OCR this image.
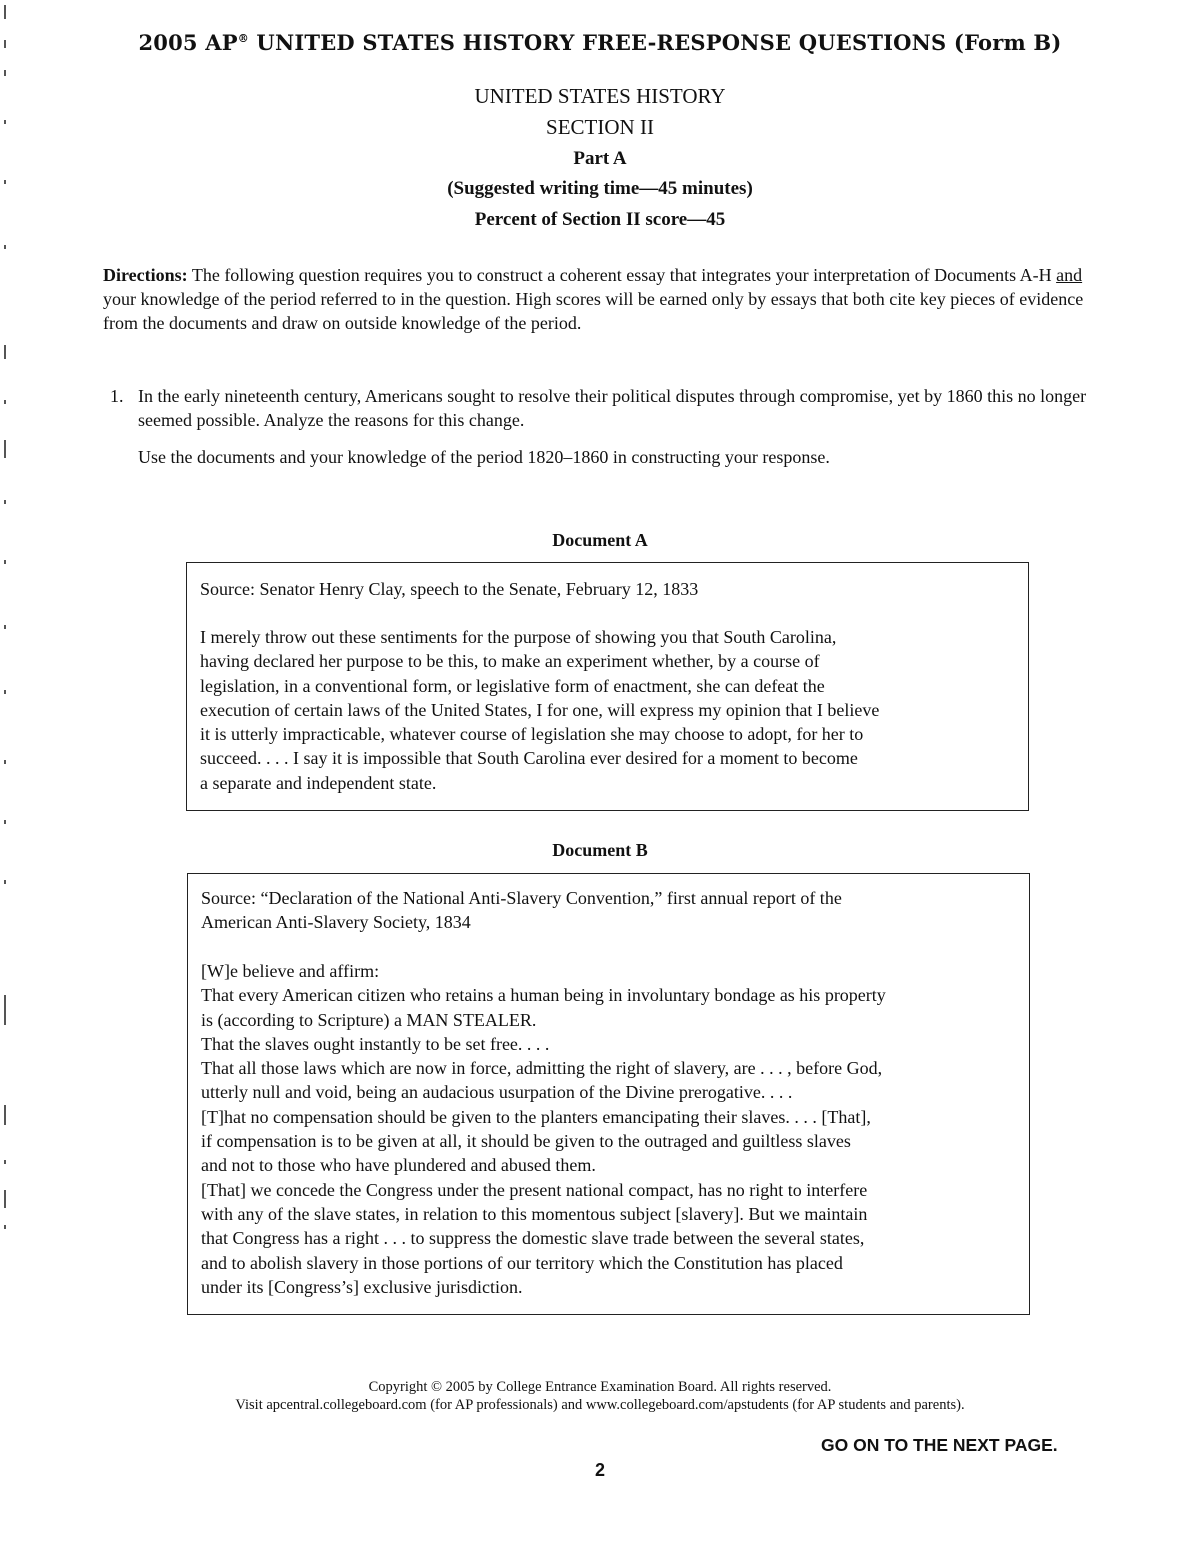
2005 AP® UNITED STATES HISTORY FREE-RESPONSE QUESTIONS (Form B)
UNITED STATES HISTORY
SECTION II
Part A
(Suggested writing time—45 minutes)
Percent of Section II score—45
Directions: The following question requires you to construct a coherent essay that integrates your interpretation of Documents A-H and your knowledge of the period referred to in the question. High scores will be earned only by essays that both cite key pieces of evidence from the documents and draw on outside knowledge of the period.
1. In the early nineteenth century, Americans sought to resolve their political disputes through compromise, yet by 1860 this no longer seemed possible. Analyze the reasons for this change.
Use the documents and your knowledge of the period 1820–1860 in constructing your response.
Document A
Source: Senator Henry Clay, speech to the Senate, February 12, 1833
I merely throw out these sentiments for the purpose of showing you that South Carolina,
having declared her purpose to be this, to make an experiment whether, by a course of
legislation, in a conventional form, or legislative form of enactment, she can defeat the
execution of certain laws of the United States, I for one, will express my opinion that I believe
it is utterly impracticable, whatever course of legislation she may choose to adopt, for her to
succeed. . . . I say it is impossible that South Carolina ever desired for a moment to become
a separate and independent state.
Document B
Source: “Declaration of the National Anti-Slavery Convention,” first annual report of the
American Anti-Slavery Society, 1834
[W]e believe and affirm:
That every American citizen who retains a human being in involuntary bondage as his property
is (according to Scripture) a MAN STEALER.
That the slaves ought instantly to be set free. . . .
That all those laws which are now in force, admitting the right of slavery, are . . . , before God,
utterly null and void, being an audacious usurpation of the Divine prerogative. . . .
[T]hat no compensation should be given to the planters emancipating their slaves. . . . [That],
if compensation is to be given at all, it should be given to the outraged and guiltless slaves
and not to those who have plundered and abused them.
[That] we concede the Congress under the present national compact, has no right to interfere
with any of the slave states, in relation to this momentous subject [slavery]. But we maintain
that Congress has a right . . . to suppress the domestic slave trade between the several states,
and to abolish slavery in those portions of our territory which the Constitution has placed
under its [Congress’s] exclusive jurisdiction.
Copyright © 2005 by College Entrance Examination Board. All rights reserved.
Visit apcentral.collegeboard.com (for AP professionals) and www.collegeboard.com/apstudents (for AP students and parents).
GO ON TO THE NEXT PAGE.
2
